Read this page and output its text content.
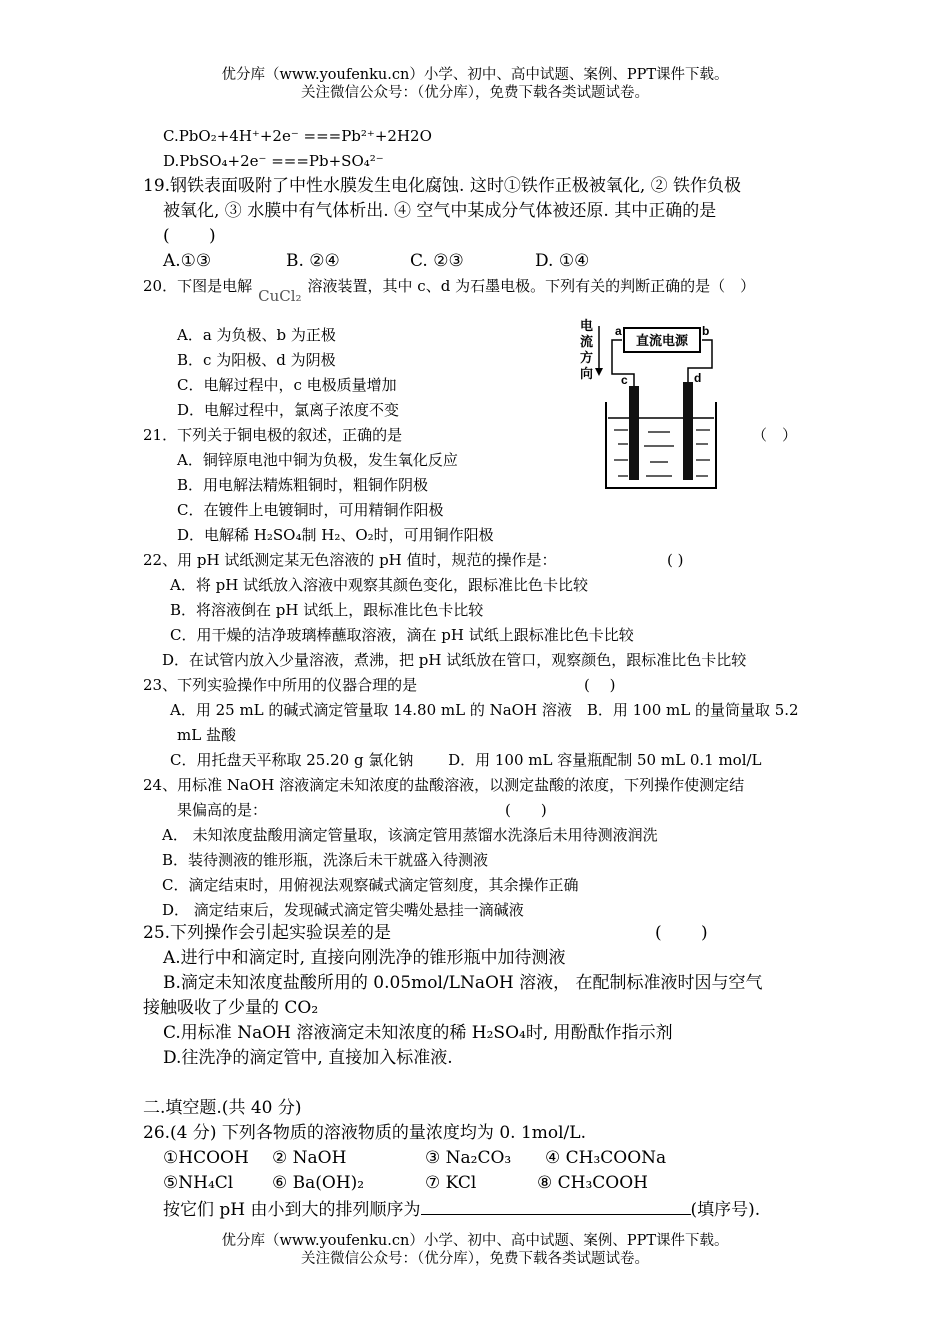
优分库（www.youfenku.cn）小学、初中、高中试题、案例、PPT课件下载。
关注微信公众号：（优分库），免费下载各类试题试卷。
C.PbO₂+4H⁺+2e⁻ ===Pb²⁺+2H2O
D.PbSO₄+2e⁻ ===Pb+SO₄²⁻
19.钢铁表面吸附了中性水膜发生电化腐蚀. 这时①铁作正极被氧化, ② 铁作负极
被氧化, ③ 水膜中有气体析出. ④ 空气中某成分气体被还原. 其中正确的是
(　　 )
A.①③	B. ②④	C. ②③	D. ①④
20．下图是电解CuCl₂溶液装置，其中 c、d 为石墨电极。下列有关的判断正确的是（　）
A．a 为负极、b 为正极
B．c 为阳极、d 为阴极
C．电解过程中，c 电极质量增加
D．电解过程中，氯离子浓度不变
电
流
方
向
直流电源
a	b
c	d
21．下列关于铜电极的叙述，正确的是	（　）
A．铜锌原电池中铜为负极，发生氧化反应
B．用电解法精炼粗铜时，粗铜作阴极
C．在镀件上电镀铜时，可用精铜作阳极
D．电解稀 H₂SO₄制 H₂、O₂时，可用铜作阳极
22、用 pH 试纸测定某无色溶液的 pH 值时，规范的操作是：	( )
A．将 pH 试纸放入溶液中观察其颜色变化，跟标准比色卡比较
B．将溶液倒在 pH 试纸上，跟标准比色卡比较
C．用干燥的洁净玻璃棒蘸取溶液，滴在 pH 试纸上跟标准比色卡比较
D．在试管内放入少量溶液，煮沸，把 pH 试纸放在管口，观察颜色，跟标准比色卡比较
23、下列实验操作中所用的仪器合理的是	(　 )
A．用 25 mL 的碱式滴定管量取 14.80 mL 的 NaOH 溶液　B．用 100 mL 的量筒量取 5.2
mL 盐酸
C．用托盘天平称取 25.20 g 氯化钠　　 D．用 100 mL 容量瓶配制 50 mL 0.1 mol/L
24、用标准 NaOH 溶液滴定未知浓度的盐酸溶液，以测定盐酸的浓度，下列操作使测定结
果偏高的是：	(　　)
A． 未知浓度盐酸用滴定管量取，该滴定管用蒸馏水洗涤后未用待测液润洗
B．装待测液的锥形瓶，洗涤后未干就盛入待测液
C．滴定结束时，用俯视法观察碱式滴定管刻度，其余操作正确
D． 滴定结束后，发现碱式滴定管尖嘴处悬挂一滴碱液
25.下列操作会引起实验误差的是	(　　 )
A.进行中和滴定时, 直接向刚洗净的锥形瓶中加待测液
B.滴定未知浓度盐酸所用的 0.05mol/LNaOH 溶液， 在配制标准液时因与空气
接触吸收了少量的 CO₂
C.用标准 NaOH 溶液滴定未知浓度的稀 H₂SO₄时, 用酚酞作指示剂
D.往洗净的滴定管中, 直接加入标准液.
二.填空题.(共 40 分)
26.(4 分) 下列各物质的溶液物质的量浓度均为 0. 1mol/L.
①HCOOH ② NaOH	③ Na₂CO₃ ④ CH₃COONa
⑤NH₄Cl ⑥ Ba(OH)₂	⑦ KCl	⑧ CH₃COOH
按它们 pH 由小到大的排列顺序为	(填序号).
优分库（www.youfenku.cn）小学、初中、高中试题、案例、PPT课件下载。
关注微信公众号：（优分库），免费下载各类试题试卷。
